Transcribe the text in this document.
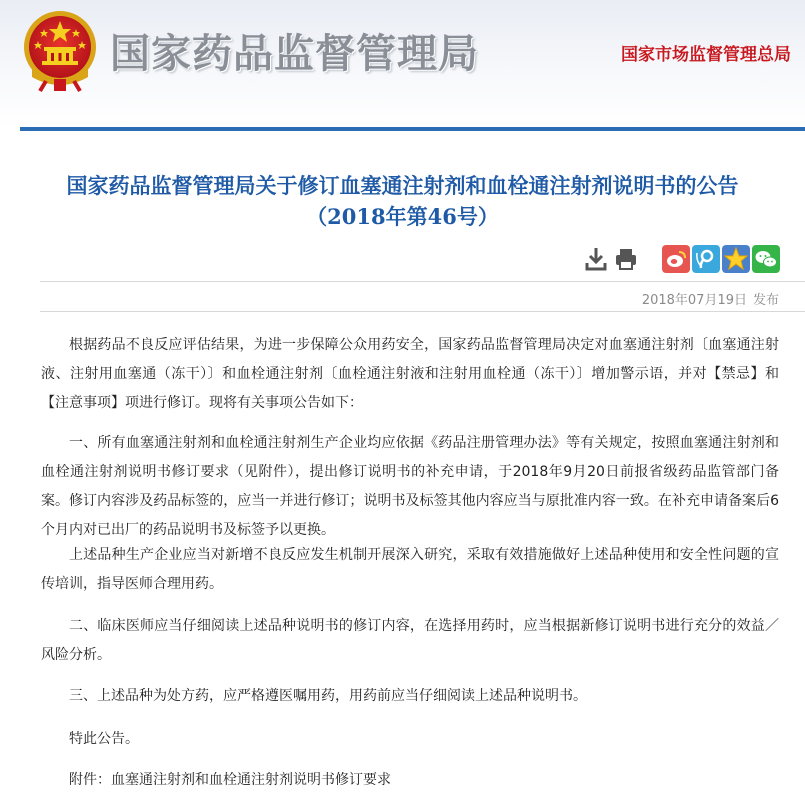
国家药品监督管理局	国家市场监督管理总局
国家药品监督管理局关于修订血塞通注射剂和血栓通注射剂说明书的公告
（2018年第46号）
2018年07月19日 发布
根据药品不良反应评估结果，为进一步保障公众用药安全，国家药品监督管理局决定对血塞通注射剂〔血塞通注射液、注射用血塞通（冻干）〕和血栓通注射剂〔血栓通注射液和注射用血栓通（冻干）〕增加警示语，并对【禁忌】和【注意事项】项进行修订。现将有关事项公告如下：
一、所有血塞通注射剂和血栓通注射剂生产企业均应依据《药品注册管理办法》等有关规定，按照血塞通注射剂和血栓通注射剂说明书修订要求（见附件），提出修订说明书的补充申请，于2018年9月20日前报省级药品监管部门备案。 修订内容涉及药品标签的，应当一并进行修订；说明书及标签其他内容应当与原批准内容一致。在补充申请备案后6个月内对已出厂的药品说明书及标签予以更换。
上述品种生产企业应当对新增不良反应发生机制开展深入研究，采取有效措施做好上述品种使用和安全性问题的宣传培训，指导医师合理用药。
二、临床医师应当仔细阅读上述品种说明书的修订内容，在选择用药时，应当根据新修订说明书进行充分的效益／风险分析。
三、上述品种为处方药，应严格遵医嘱用药，用药前应当仔细阅读上述品种说明书。
特此公告。
附件：血塞通注射剂和血栓通注射剂说明书修订要求
